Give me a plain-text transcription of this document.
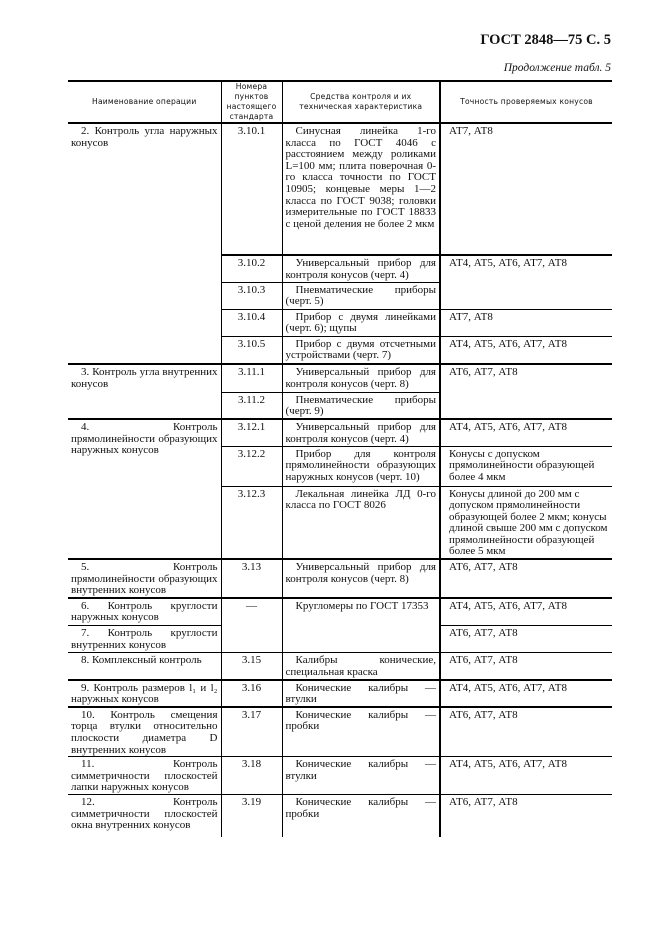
ГОСТ 2848—75 С. 5
Продолжение табл. 5
Наименование операции	Номера пунктов настоящего стандарта	Средства контроля и их техническая характеристика	Точность проверяемых конусов
2. Контроль угла наружных конусов	3.10.1	Синусная линейка 1-го класса по ГОСТ 4046 с расстоянием между роликами L=100 мм; плита поверочная 0-го класса точности по ГОСТ 10905; концевые меры 1—2 класса по ГОСТ 9038; головки измерительные по ГОСТ 18833 с ценой деления не более 2 мкм	АТ7, АТ8
	3.10.2	Универсальный прибор для контроля конусов (черт. 4)	АТ4, АТ5, АТ6, АТ7, АТ8
	3.10.3	Пневматические приборы (черт. 5)	
	3.10.4	Прибор с двумя линейками (черт. 6); щупы	АТ7, АТ8
	3.10.5	Прибор с двумя отсчетными устройствами (черт. 7)	АТ4, АТ5, АТ6, АТ7, АТ8
3. Контроль угла внутренних конусов	3.11.1	Универсальный прибор для контроля конусов (черт. 8)	АТ6, АТ7, АТ8
	3.11.2	Пневматические приборы (черт. 9)	
4. Контроль прямолинейности образующих наружных конусов	3.12.1	Универсальный прибор для контроля конусов (черт. 4)	АТ4, АТ5, АТ6, АТ7, АТ8
	3.12.2	Прибор для контроля прямолинейности образующих наружных конусов (черт. 10)	Конусы с допуском прямолинейности образующей более 4 мкм
	3.12.3	Лекальная линейка ЛД 0-го класса по ГОСТ 8026	Конусы длиной до 200 мм с допуском прямолинейности образующей более 2 мкм; конусы длиной свыше 200 мм с допуском прямолинейности образующей более 5 мкм
5. Контроль прямолинейности образующих внутренних конусов	3.13	Универсальный прибор для контроля конусов (черт. 8)	АТ6, АТ7, АТ8
6. Контроль круглости наружных конусов	—	Кругломеры по ГОСТ 17353	АТ4, АТ5, АТ6, АТ7, АТ8
7. Контроль круглости внутренних конусов			АТ6, АТ7, АТ8
8. Комплексный контроль	3.15	Калибры конические, специальная краска	АТ6, АТ7, АТ8
9. Контроль размеров l₁ и l₂ наружных конусов	3.16	Конические калибры — втулки	АТ4, АТ5, АТ6, АТ7, АТ8
10. Контроль смещения торца втулки относительно плоскости диаметра D внутренних конусов	3.17	Конические калибры — пробки	АТ6, АТ7, АТ8
11. Контроль симметричности плоскостей лапки наружных конусов	3.18	Конические калибры — втулки	АТ4, АТ5, АТ6, АТ7, АТ8
12. Контроль симметричности плоскостей окна внутренних конусов	3.19	Конические калибры — пробки	АТ6, АТ7, АТ8
